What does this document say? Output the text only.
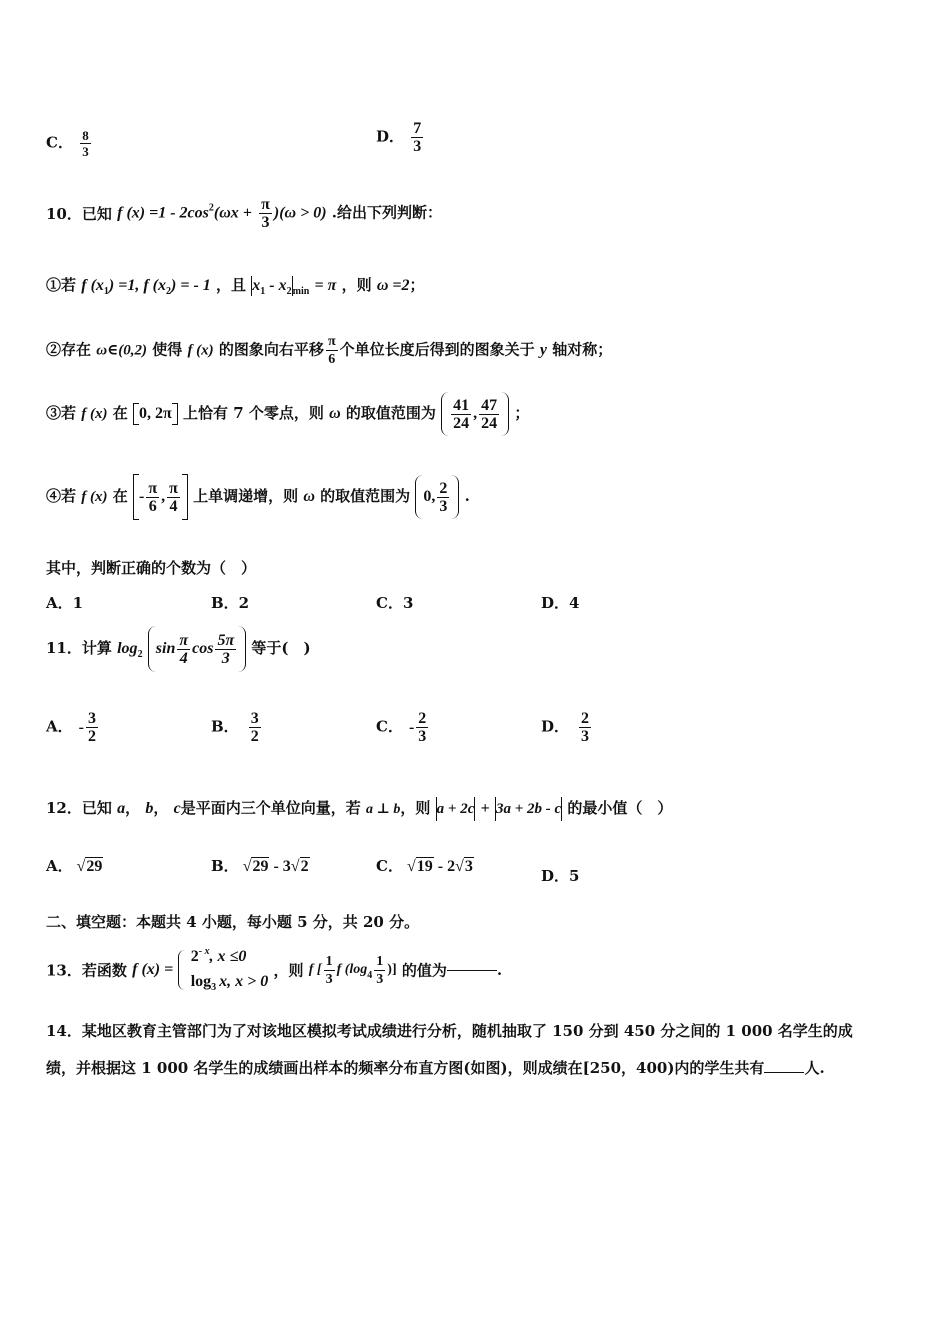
C． $\frac{8}{3}$	D． $\frac{7}{3}$
10．已知 f $(x) =1 - 2\cos^2(\omega x + \frac{\pi}{3} )(\omega > 0)$ .给出下列判断：
①若 f $(x_1) =1$, f $(x_2)$ = - 1 ，且 $x_1 - x_{2min} = \pi$ ，则 ω =2；
②存在 ω∈(0,2) 使得 f (x) 的图象向右平移 $\frac{\pi}{6}$ 个单位长度后得到的图象关于 y 轴对称；
③若 f (x) 在 0, 2π 上恰有 7 个零点，则 ω 的取值范围为 $\frac{41}{24}$ , $\frac{47}{24}$ ；
④若 f (x) 在 - $\frac{\pi}{6}$ , $\frac{\pi}{4}$ 上单调递增，则 ω 的取值范围为 0, $\frac{2}{3}$ .
其中，判断正确的个数为（　）
A．1	B．2	C．3	D．4
11．计算 $\log_2 \sin \frac{\pi}{4}$ $\cos \frac{5\pi}{3}$ 等于(　)
A． - $\frac{3}{2}$	B． $\frac{3}{2}$	C． - $\frac{2}{3}$	D． $\frac{2}{3}$
12．已知 a， b， c是平面内三个单位向量，若 a ⊥ b，则 a + 2c + 3a + 2b - c 的最小值（　）
A． √29	B． √29 - 3√2	C． √19 - 2√3
D．5
二、填空题：本题共 4 小题，每小题 5 分，共 20 分。
13．若函数 f (x) =
$2^{- x}$, x ≤0
$\log_3 x$, x > 0
，则 f [ $\frac{1}{3}$ f ($\log_4 \frac{1}{3}$ )] 的值为	.
14．某地区教育主管部门为了对该地区模拟考试成绩进行分析，随机抽取了 150 分到 450 分之间的 1 000 名学生的成
绩，并根据这 1 000 名学生的成绩画出样本的频率分布直方图(如图)，则成绩在[250，400)内的学生共有	人.
